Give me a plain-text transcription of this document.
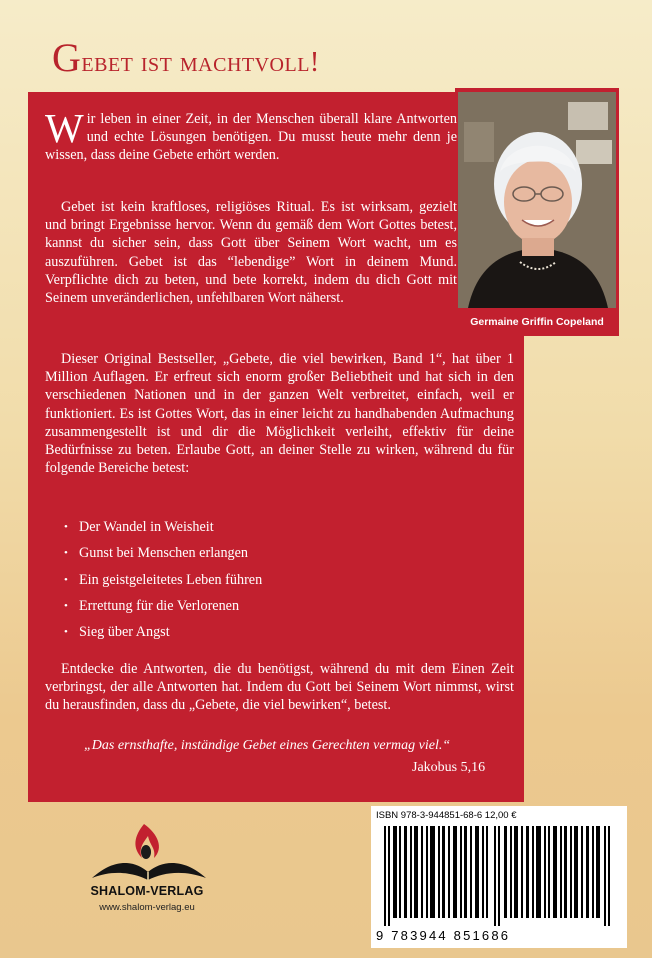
Gebet ist machtvoll!
Germaine Griffin Copeland
W ir leben in einer Zeit, in der Menschen überall klare Antworten und echte Lösungen benötigen. Du musst heute mehr denn je wissen, dass deine Gebete erhört werden.

Gebet ist kein kraftloses, religiöses Ritual. Es ist wirksam, gezielt und bringt Ergebnisse hervor. Wenn du gemäß dem Wort Gottes betest, kannst du sicher sein, dass Gott über Seinem Wort wacht, um es auszuführen. Gebet ist das “lebendige” Wort in deinem Mund. Verpflichte dich zu beten, und bete korrekt, indem du dich Gott mit Seinem unveränderlichen, unfehlbaren Wort näherst.

Dieser Original Bestseller, „Gebete, die viel bewirken, Band 1“, hat über 1 Million Auflagen. Er erfreut sich enorm großer Beliebtheit und hat sich in den verschiedenen Nationen und in der ganzen Welt verbreitet, einfach, weil er funktioniert. Es ist Gottes Wort, das in einer leicht zu handhabenden Aufmachung zusammengestellt ist und dir die Möglichkeit verleiht, effektiv für deine Bedürfnisse zu beten. Erlaube Gott, an deiner Stelle zu wirken, während du für folgende Bereiche betest:

• Der Wandel in Weisheit
• Gunst bei Menschen erlangen
• Ein geistgeleitetes Leben führen
• Errettung für die Verlorenen
• Sieg über Angst

Entdecke die Antworten, die du benötigst, während du mit dem Einen Zeit verbringst, der alle Antworten hat. Indem du Gott bei Seinem Wort nimmst, wirst du herausfinden, dass du „Gebete, die viel bewirken“, betest.

„Das ernsthafte, inständige Gebet eines Gerechten vermag viel.“
Jakobus 5,16
SHALOM-VERLAG
www.shalom-verlag.eu
ISBN 978-3-944851-68-6 12,00 €
9 783944 851686
